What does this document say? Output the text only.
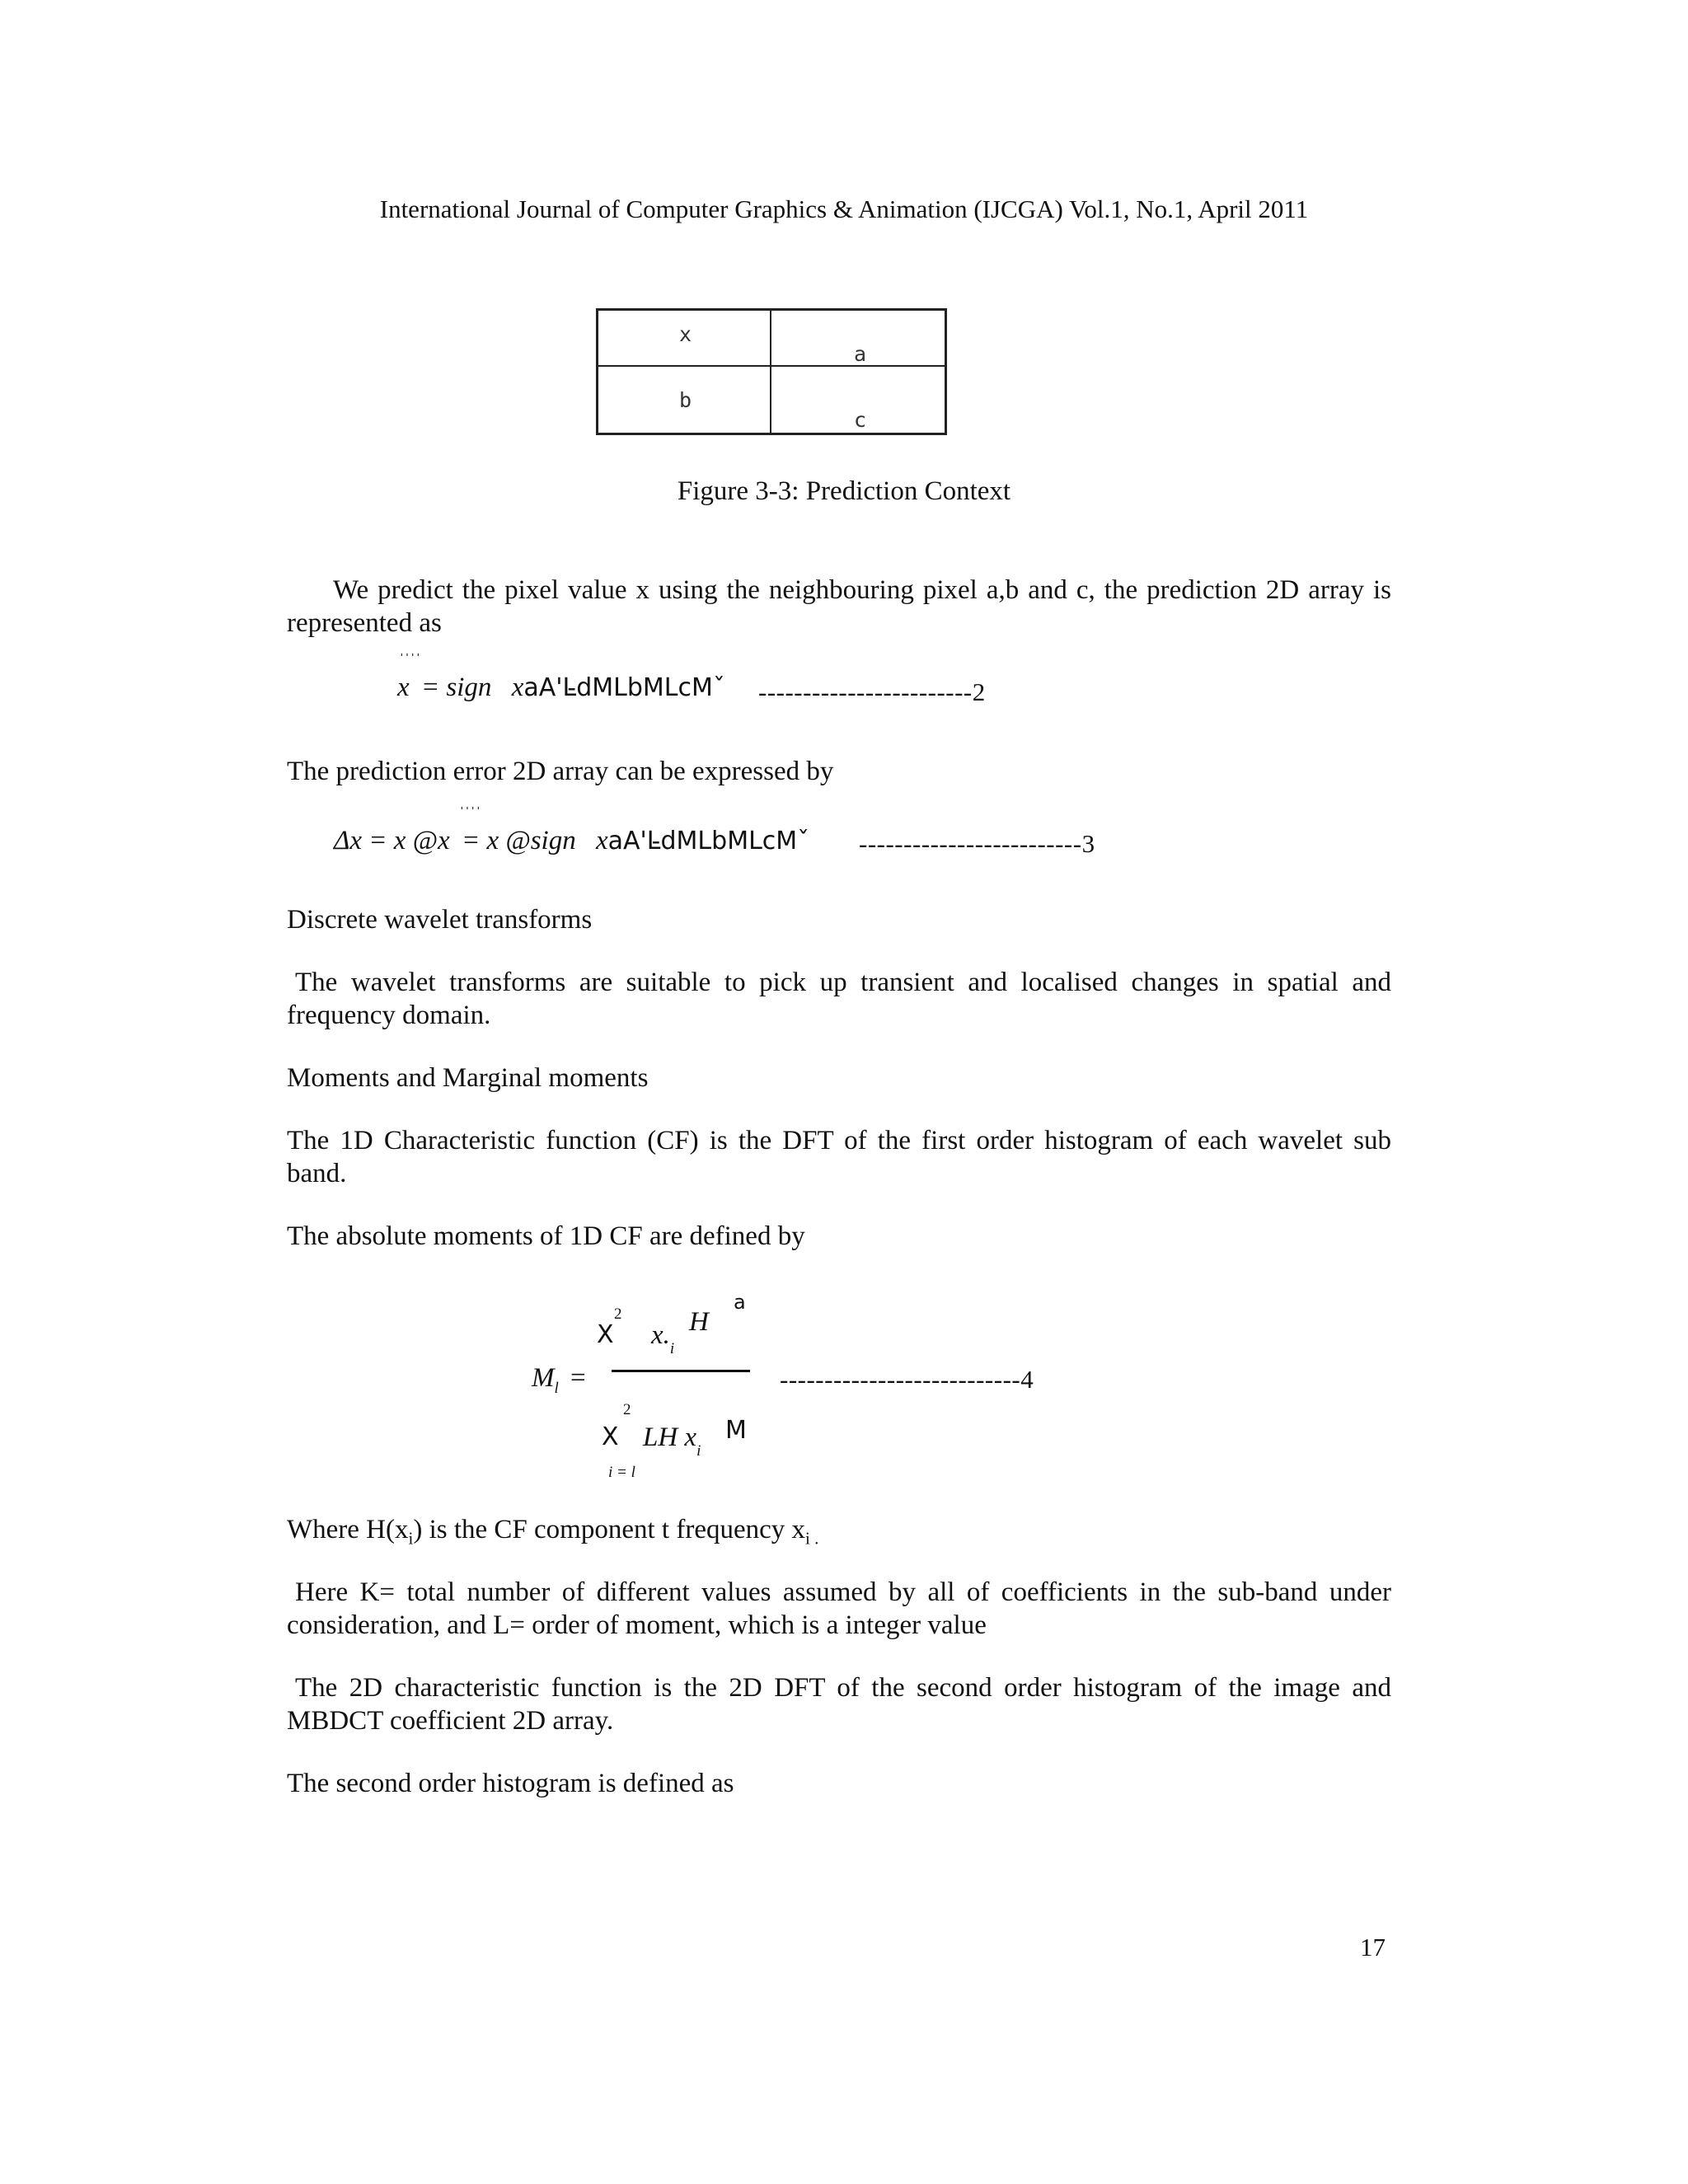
International Journal of Computer Graphics & Animation (IJCGA) Vol.1, No.1, April 2011
x
a
b
c
Figure 3-3: Prediction Context

We predict the pixel value x using the neighbouring pixel a,b and c, the prediction 2D array is represented as

ˈˈˈˈ
x = sign xaA'L̵dMLbMLcMˇ ------------------------2

The prediction error 2D array can be expressed by

ˈˈˈˈ
Δx = x @x = x @sign xaA'L̵dMLbMLcMˇ -------------------------3

Discrete wavelet transforms

The wavelet transforms are suitable to pick up transient and localised changes in spatial and frequency domain.

Moments and Marginal moments

The 1D Characteristic function (CF) is the DFT of the first order histogram of each wavelet sub band.

The absolute moments of 1D CF are defined by

$M_l$ =
2
X $x._i$
H
a
2
X LH $x_i$
M
i = l
---------------------------4

Where $H(x_i)$ is the CF component t frequency $x_{i .}$

Here K= total number of different values assumed by all of coefficients in the sub-band under consideration, and L= order of moment, which is a integer value

The 2D characteristic function is the 2D DFT of the second order histogram of the image and MBDCT coefficient 2D array.

The second order histogram is defined as

17
